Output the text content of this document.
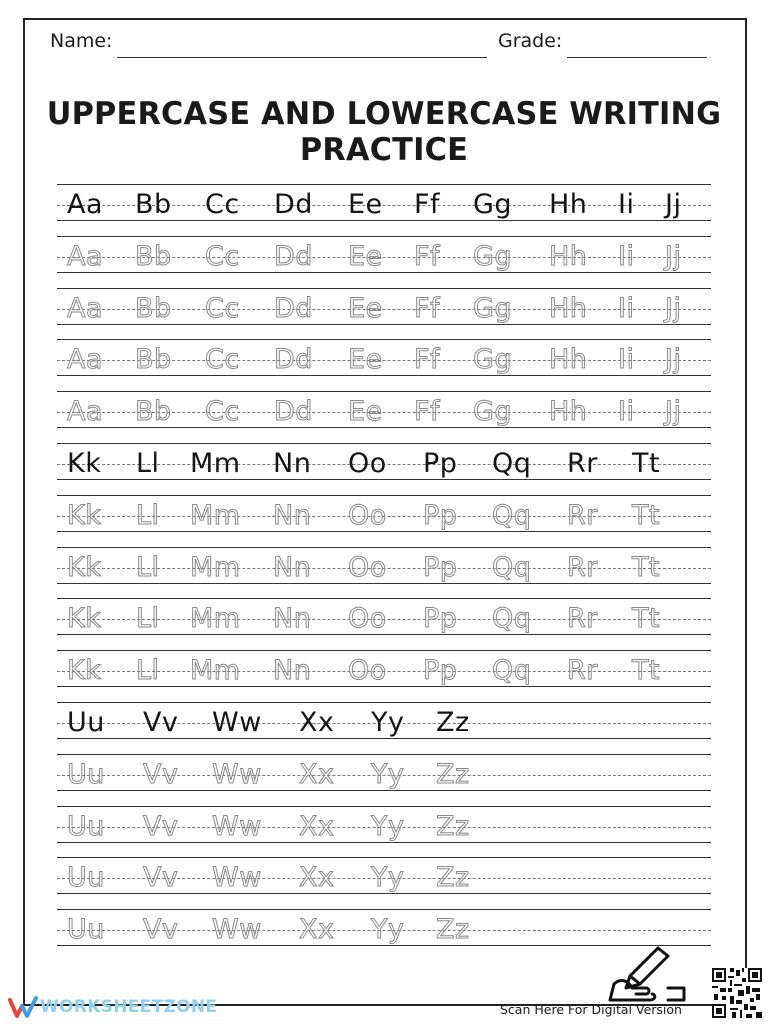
Name:	Grade:
UPPERCASE AND LOWERCASE WRITING PRACTICE
Aa Bb Cc Dd Ee Ff Gg Hh Ii Jj
Aa Bb Cc Dd Ee Ff Gg Hh Ii Jj
Aa Bb Cc Dd Ee Ff Gg Hh Ii Jj
Aa Bb Cc Dd Ee Ff Gg Hh Ii Jj
Aa Bb Cc Dd Ee Ff Gg Hh Ii Jj
Kk Ll Mm Nn Oo Pp Qq Rr Tt
Kk Ll Mm Nn Oo Pp Qq Rr Tt
Kk Ll Mm Nn Oo Pp Qq Rr Tt
Kk Ll Mm Nn Oo Pp Qq Rr Tt
Kk Ll Mm Nn Oo Pp Qq Rr Tt
Uu Vv Ww Xx Yy Zz
Uu Vv Ww Xx Yy Zz
Uu Vv Ww Xx Yy Zz
Uu Vv Ww Xx Yy Zz
Uu Vv Ww Xx Yy Zz
WORKSHEETZONE	Scan Here For Digital Version
